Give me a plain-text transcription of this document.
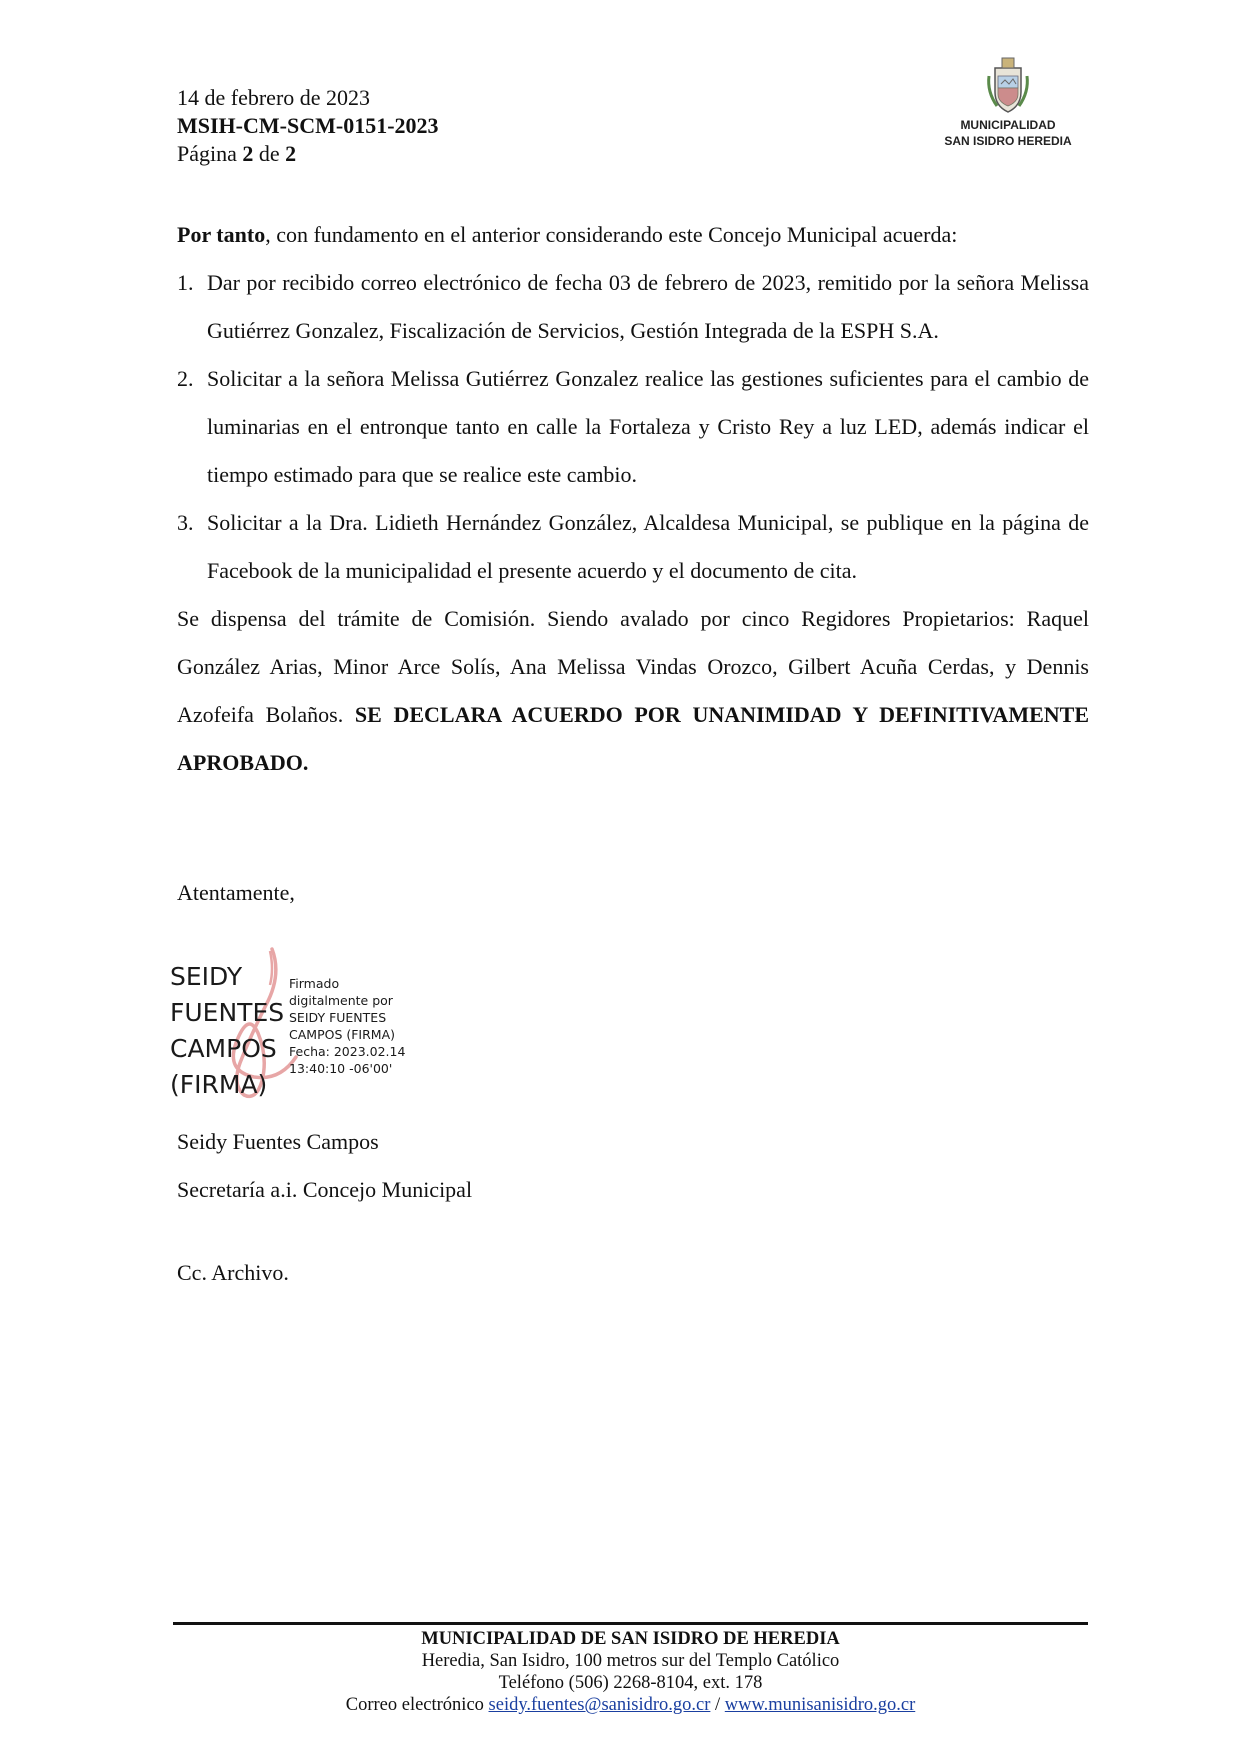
14 de febrero de 2023
MSIH-CM-SCM-0151-2023
Página 2 de 2
MUNICIPALIDAD
SAN ISIDRO HEREDIA

Por tanto, con fundamento en el anterior considerando este Concejo Municipal acuerda:

1. Dar por recibido correo electrónico de fecha 03 de febrero de 2023, remitido por la señora Melissa Gutiérrez Gonzalez, Fiscalización de Servicios, Gestión Integrada de la ESPH S.A.
2. Solicitar a la señora Melissa Gutiérrez Gonzalez realice las gestiones suficientes para el cambio de luminarias en el entronque tanto en calle la Fortaleza y Cristo Rey a luz LED, además indicar el tiempo estimado para que se realice este cambio.
3. Solicitar a la Dra. Lidieth Hernández González, Alcaldesa Municipal, se publique en la página de Facebook de la municipalidad el presente acuerdo y el documento de cita.

Se dispensa del trámite de Comisión. Siendo avalado por cinco Regidores Propietarios: Raquel González Arias, Minor Arce Solís, Ana Melissa Vindas Orozco, Gilbert Acuña Cerdas, y Dennis Azofeifa Bolaños. SE DECLARA ACUERDO POR UNANIMIDAD Y DEFINITIVAMENTE APROBADO.

Atentamente,
SEIDY
FUENTES
CAMPOS
(FIRMA)
Firmado
digitalmente por
SEIDY FUENTES
CAMPOS (FIRMA)
Fecha: 2023.02.14
13:40:10 -06'00'
Seidy Fuentes Campos
Secretaría a.i. Concejo Municipal
Cc. Archivo.
MUNICIPALIDAD DE SAN ISIDRO DE HEREDIA
Heredia, San Isidro, 100 metros sur del Templo Católico
Teléfono (506) 2268-8104, ext. 178
Correo electrónico seidy.fuentes@sanisidro.go.cr / www.munisanisidro.go.cr
